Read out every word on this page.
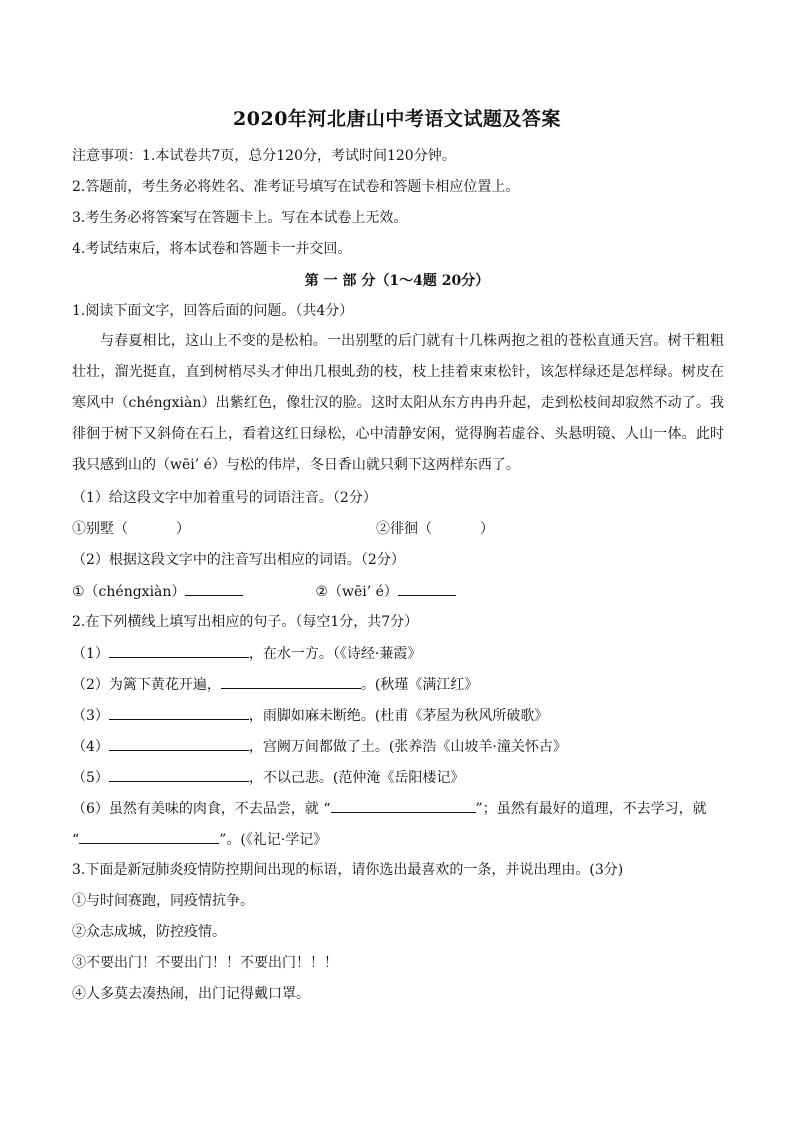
2020年河北唐山中考语文试题及答案
注意事项：1.本试卷共7页，总分120分，考试时间120分钟。
2.答题前，考生务必将姓名、准考证号填写在试卷和答题卡相应位置上。
3.考生务必将答案写在答题卡上。写在本试卷上无效。
4.考试结束后，将本试卷和答题卡一并交回。
第 一 部 分（1～4题 20分）
1.阅读下面文字，回答后面的问题。（共4分）
与春夏相比，这山上不变的是松柏。一出别墅的后门就有十几株两抱之祖的苍松直通天宫。树干粗粗壮壮，溜光挺直，直到树梢尽头才伸出几根虬劲的枝，枝上挂着束束松针，该怎样绿还是怎样绿。树皮在寒风中（chéngxiàn）出紫红色，像壮汉的脸。这时太阳从东方冉冉升起，走到松枝间却寂然不动了。我徘徊于树下又斜倚在石上，看着这红日绿松，心中清静安闲，觉得胸若虚谷、头悬明镜、人山一体。此时我只感到山的（wēi’ é）与松的伟岸，冬日香山就只剩下这两样东西了。
（1）给这段文字中加着重号的词语注音。（2分）
①别墅（	）	②徘徊（	）
（2）根据这段文字中的注音写出相应的词语。（2分）
①（chéngxiàn）	②（wēi’ é）
2.在下列横线上填写出相应的句子。（每空1分，共7分）
（1）	，在水一方。（《诗经·蒹霞》
（2）为篱下黄花开遍，	。(秋瑾《满江红》
（3）	，雨脚如麻未断绝。(杜甫《茅屋为秋风所破歌》
（4）	，宫阙万间都做了土。(张养浩《山坡羊·潼关怀古》
（5）	，不以己悲。(范仲淹《岳阳楼记》
（6）虽然有美味的肉食，不去品尝，就 “	”；虽然有最好的道理，不去学习，就
“	”。(《礼记·学记》
3.下面是新冠肺炎疫情防控期间出现的标语，请你选出最喜欢的一条，并说出理由。(3分)
①与时间赛跑，同疫情抗争。
②众志成城，防控疫情。
③不要出门！不要出门！！不要出门！！！
④人多莫去凑热闹，出门记得戴口罩。
